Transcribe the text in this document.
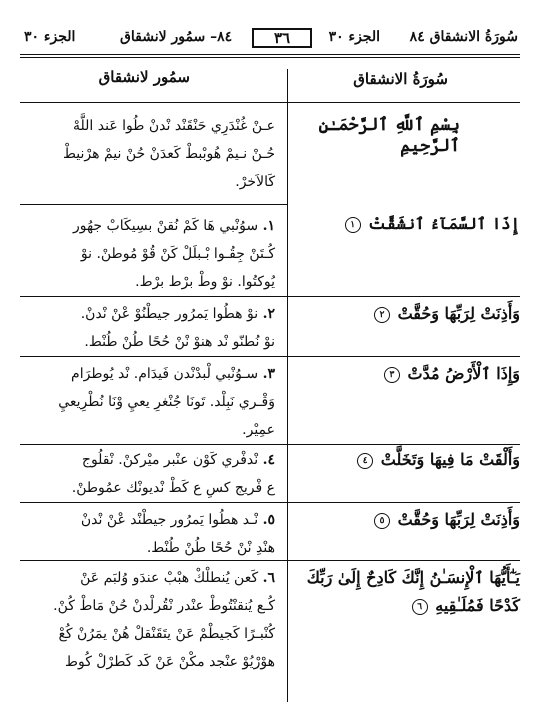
سُورَةُ الانشقاق ٨٤
الجزء ٣٠
٣٦
٨٤– سمُور لانشقاق
الجزء ٣٠
سُورَةُ الانشقاق
سمُور لانشقاق
بِسْمِ ٱللَّهِ ٱلرَّحْمَـٰنِ ٱلرَّحِيمِ
إِذَا ٱلسَّمَآءُ ٱنشَقَّتْ ١
وَأَذِنَتْ لِرَبِّهَا وَحُقَّتْ ٢
وَإِذَا ٱلْأَرْضُ مُدَّتْ ٣
وَأَلْقَتْ مَا فِيهَا وَتَخَلَّتْ ٤
وَأَذِنَتْ لِرَبِّهَا وَحُقَّتْ ٥
يَـٰٓأَيُّهَا ٱلْإِنسَـٰنُ إِنَّكَ كَادِحٌ إِلَىٰ رَبِّكَ
كَدْحًا فَمُلَـٰقِيهِ ٦
عـنْ غُنْدَرِي حَنْقَنْد نْدنْ طُوا عَند اللَّهْ
حُـنْ نـيمْ هُوبْبطْ كَعدَنْ حُنْ نيمْ هرْنيطْ
كَالاَخرْ.
١. سوُنْبي هَا كَمْ نُقنْ بسِيكَابْ جهُور
كُـتَنْ جِقُـوا بْـبلَلْ كَنْ قُوْ مُوطنْ. نوْ
يُوكتُوا. نوْ وطْ برْط برْط.
٢. نوْ هطُوا يَمرُور جيطْنُوْ عْنْ نْدنْ.
نوْ نُطنّو نْد هنوْ نْنْ حُحًا طُنْ طُنْط.
٣. سـوُنْبي لْبدْنْدن فَيدَام. نْد يُوطرَام
وَقْـري نَبِلْد. تَونَا جُنْغرِ يعيِ وْنَا نُطْرِيعيِ
عمِيْر.
٤. نْدفْري كَوْن عنْبر ميْركنْ. نْقلُوج
ع فْريج كسِ ع كَطْ نْديونْك عمُوطنْ.
٥. نْـد هطُوا يَمرُور جيطْنْد عْنْ نْدنْ
هنْدِ نْنْ حُحًا طُنْ طُنْط.
٦. كَعن يُنطلْكْ هبْبْ عندَو وُلبَم عَنْ
كُـع يُنقنْتُوطْ عنْدر نْقُرلْدنْ حُنْ مَاطْ كُنْ.
كُنْبـرًا كَجيطْمْ عَنْ يتَقَنْقلْ هُنْ يمَرُنْ كُعْ
هوْرْيُوْ عنْجد مكْنْ عَنْ كَد كَطرْلْ كُوط
